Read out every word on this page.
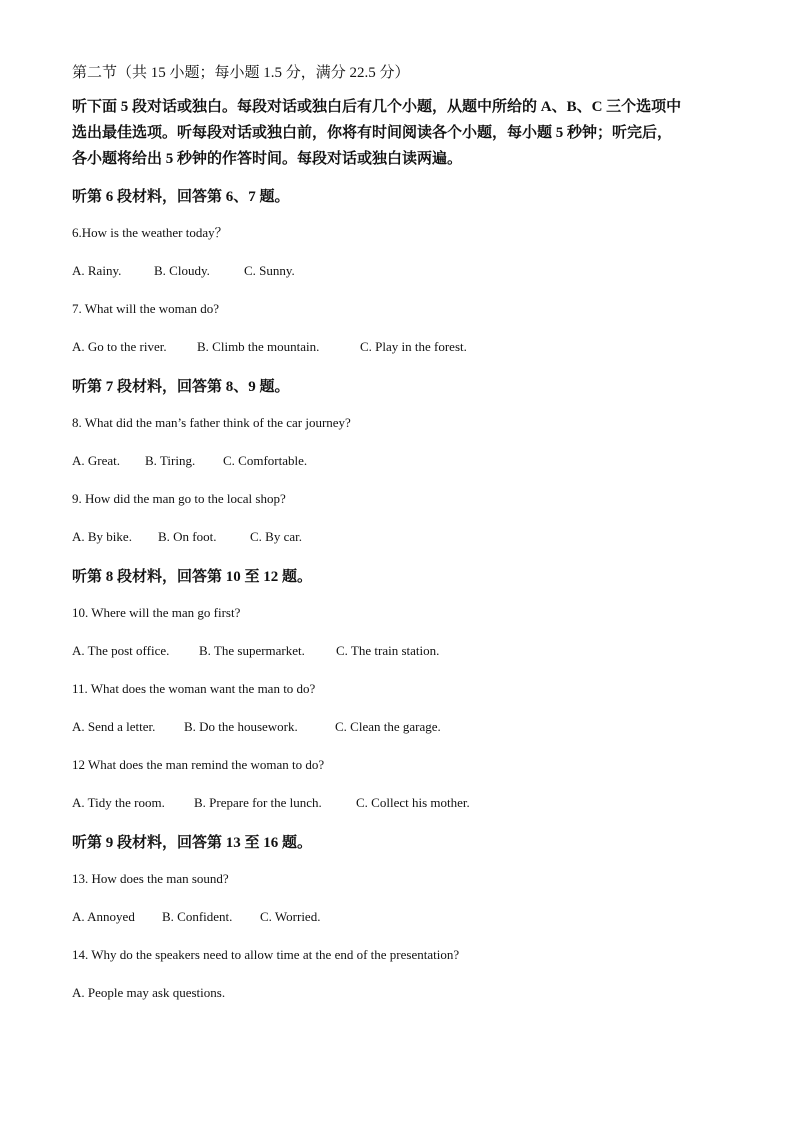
第二节（共 15 小题；每小题 1.5 分，满分 22.5 分）
听下面 5 段对话或独白。每段对话或独白后有几个小题，从题中所给的 A、B、C 三个选项中
选出最佳选项。听每段对话或独白前，你将有时间阅读各个小题，每小题 5 秒钟；听完后，
各小题将给出 5 秒钟的作答时间。每段对话或独白读两遍。
听第 6 段材料，回答第 6、7 题。
6.How is the weather today？
A. Rainy.	B. Cloudy.	C. Sunny.
7. What will the woman do?
A. Go to the river. B. Climb the mountain.	C. Play in the forest.
听第 7 段材料，回答第 8、9 题。
8. What did the man’s father think of the car journey?
A. Great. B. Tiring. C. Comfortable.
9. How did the man go to the local shop?
A. By bike. B. On foot.	C. By car.
听第 8 段材料，回答第 10 至 12 题。
10. Where will the man go first?
A. The post office. B. The supermarket. C. The train station.
11. What does the woman want the man to do?
A. Send a letter. B. Do the housework.	C. Clean the garage.
12 What does the man remind the woman to do?
A. Tidy the room. B. Prepare for the lunch.	C. Collect his mother.
听第 9 段材料，回答第 13 至 16 题。
13. How does the man sound?
A. Annoyed B. Confident. C. Worried.
14. Why do the speakers need to allow time at the end of the presentation?
A. People may ask questions.
